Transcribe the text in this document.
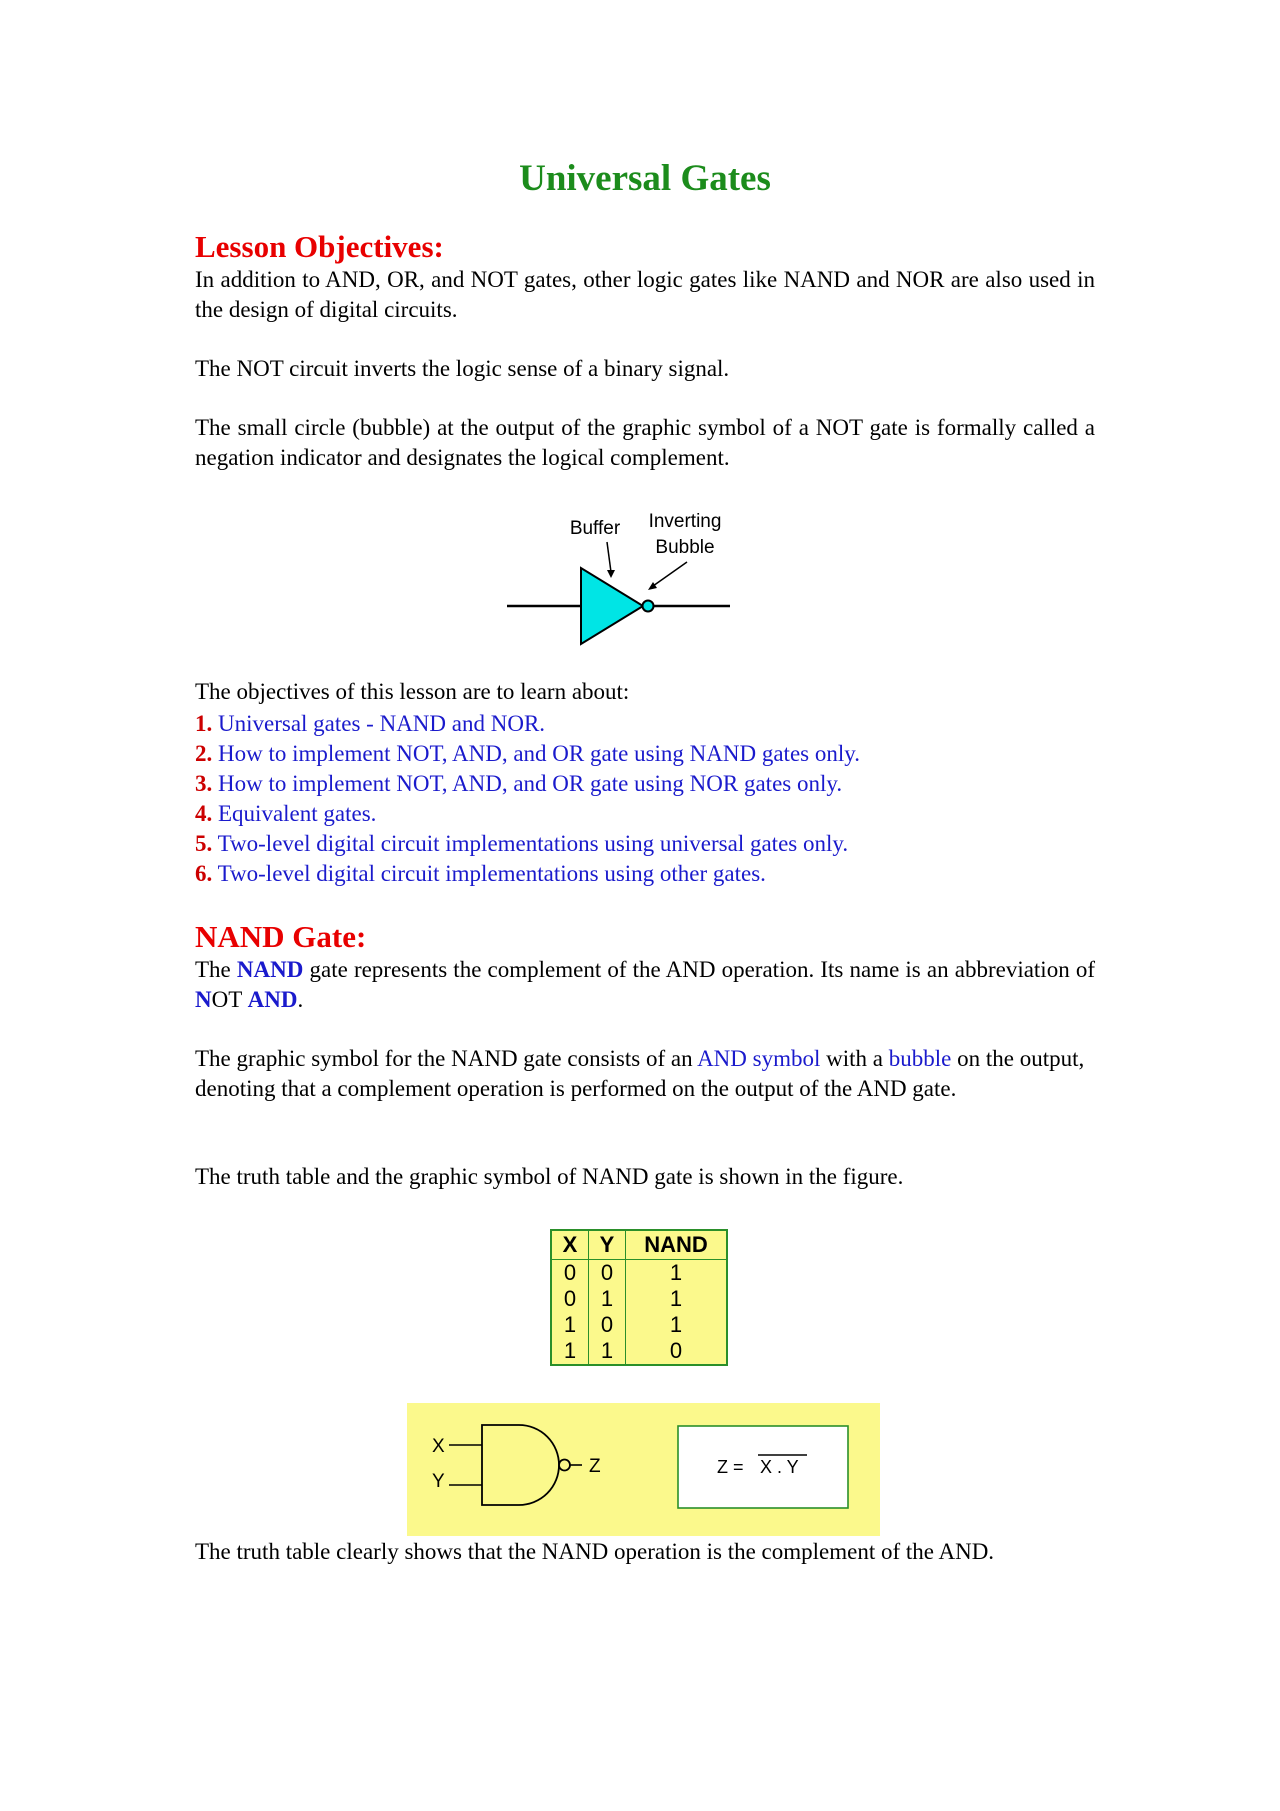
Universal Gates
Lesson Objectives:

In addition to AND, OR, and NOT gates, other logic gates like NAND and NOR are also used in the design of digital circuits.

The NOT circuit inverts the logic sense of a binary signal.

The small circle (bubble) at the output of the graphic symbol of a NOT gate is formally called a negation indicator and designates the logical complement.

Buffer Inverting
Bubble

The objectives of this lesson are to learn about:

1. Universal gates - NAND and NOR.
2. How to implement NOT, AND, and OR gate using NAND gates only.
3. How to implement NOT, AND, and OR gate using NOR gates only.
4. Equivalent gates.
5. Two-level digital circuit implementations using universal gates only.
6. Two-level digital circuit implementations using other gates.
NAND Gate:

The NAND gate represents the complement of the AND operation. Its name is an abbreviation of NOT AND.

The graphic symbol for the NAND gate consists of an AND symbol with a bubble on the output, denoting that a complement operation is performed on the output of the AND gate.

The truth table and the graphic symbol of NAND gate is shown in the figure.

X	Y	NAND
0	0	1
0	1	1
1	0	1
1	1	0
X
Y
Z	Z = X . Y

The truth table clearly shows that the NAND operation is the complement of the AND.
